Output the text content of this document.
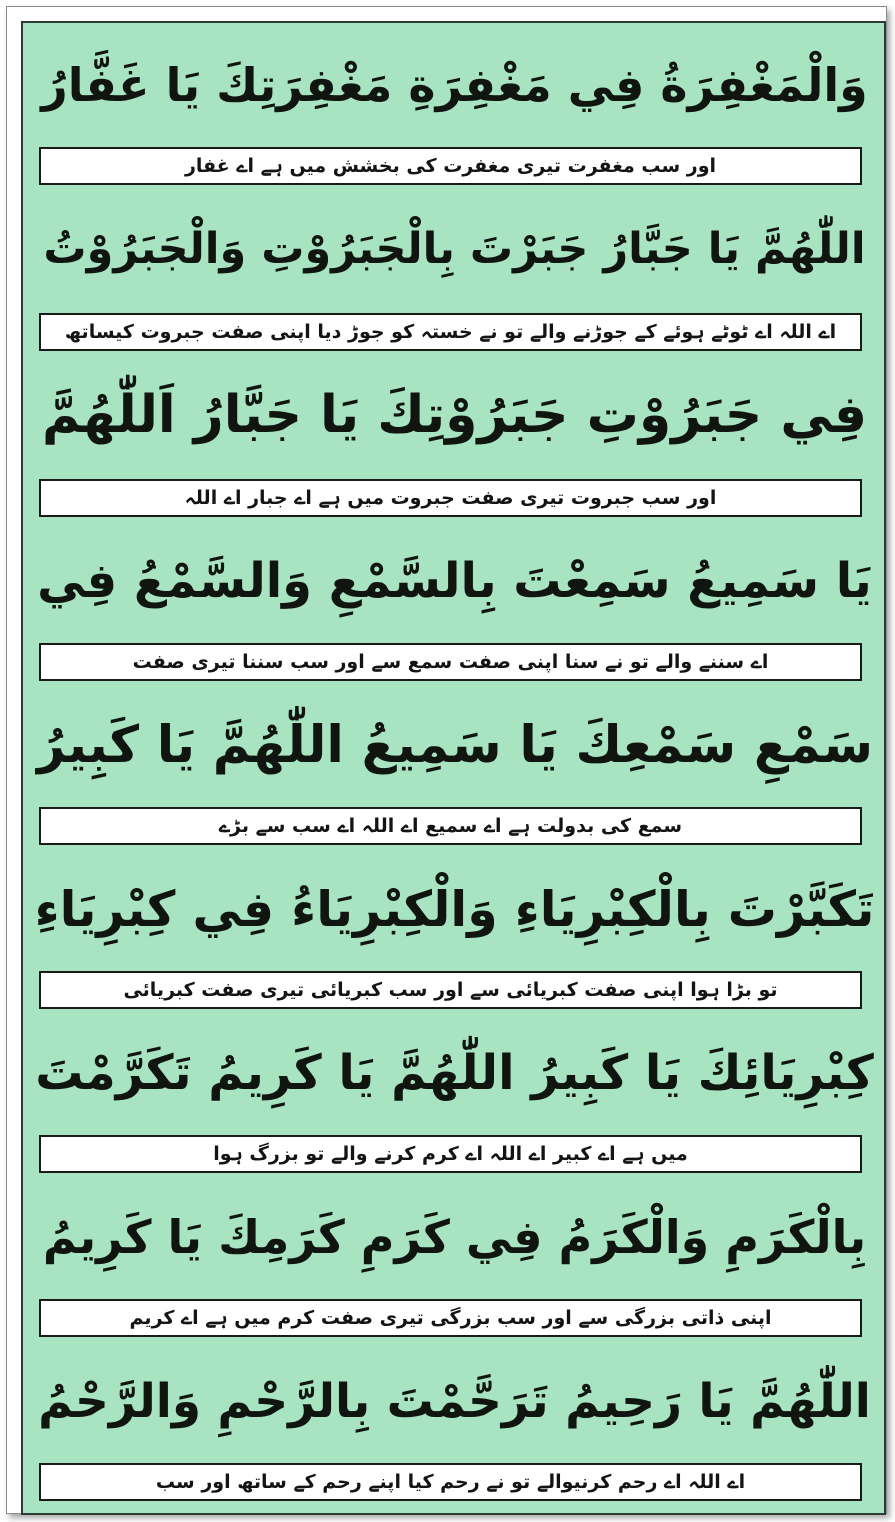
وَالْمَغْفِرَةُ فِي مَغْفِرَةِ مَغْفِرَتِكَ يَا غَفَّارُ
اور سب مغفرت تیری مغفرت کی بخشش میں ہے اے غفار
اللّٰهُمَّ يَا جَبَّارُ جَبَرْتَ بِالْجَبَرُوْتِ وَالْجَبَرُوْتُ
اے اللہ اے ٹوٹے ہوئے کے جوڑنے والے تو نے خستہ کو جوڑ دیا اپنی صفت جبروت کیساتھ
فِي جَبَرُوْتِ جَبَرُوْتِكَ يَا جَبَّارُ اَللّٰهُمَّ
اور سب جبروت تیری صفت جبروت میں ہے اے جبار اے اللہ
يَا سَمِيعُ سَمِعْتَ بِالسَّمْعِ وَالسَّمْعُ فِي
اے سننے والے تو نے سنا اپنی صفت سمع سے اور سب سننا تیری صفت
سَمْعِ سَمْعِكَ يَا سَمِيعُ اللّٰهُمَّ يَا كَبِيرُ
سمع کی بدولت ہے اے سمیع اے اللہ اے سب سے بڑے
تَكَبَّرْتَ بِالْكِبْرِيَاءِ وَالْكِبْرِيَاءُ فِي كِبْرِيَاءِ
تو بڑا ہوا اپنی صفت کبریائی سے اور سب کبریائی تیری صفت کبریائی
كِبْرِيَائِكَ يَا كَبِيرُ اللّٰهُمَّ يَا كَرِيمُ تَكَرَّمْتَ
میں ہے اے کبیر اے اللہ اے کرم کرنے والے تو بزرگ ہوا
بِالْكَرَمِ وَالْكَرَمُ فِي كَرَمِ كَرَمِكَ يَا كَرِيمُ
اپنی ذاتی بزرگی سے اور سب بزرگی تیری صفت کرم میں ہے اے کریم
اللّٰهُمَّ يَا رَحِيمُ تَرَحَّمْتَ بِالرَّحْمِ وَالرَّحْمُ
اے اللہ اے رحم کرنیوالے تو نے رحم کیا اپنے رحم کے ساتھ اور سب
